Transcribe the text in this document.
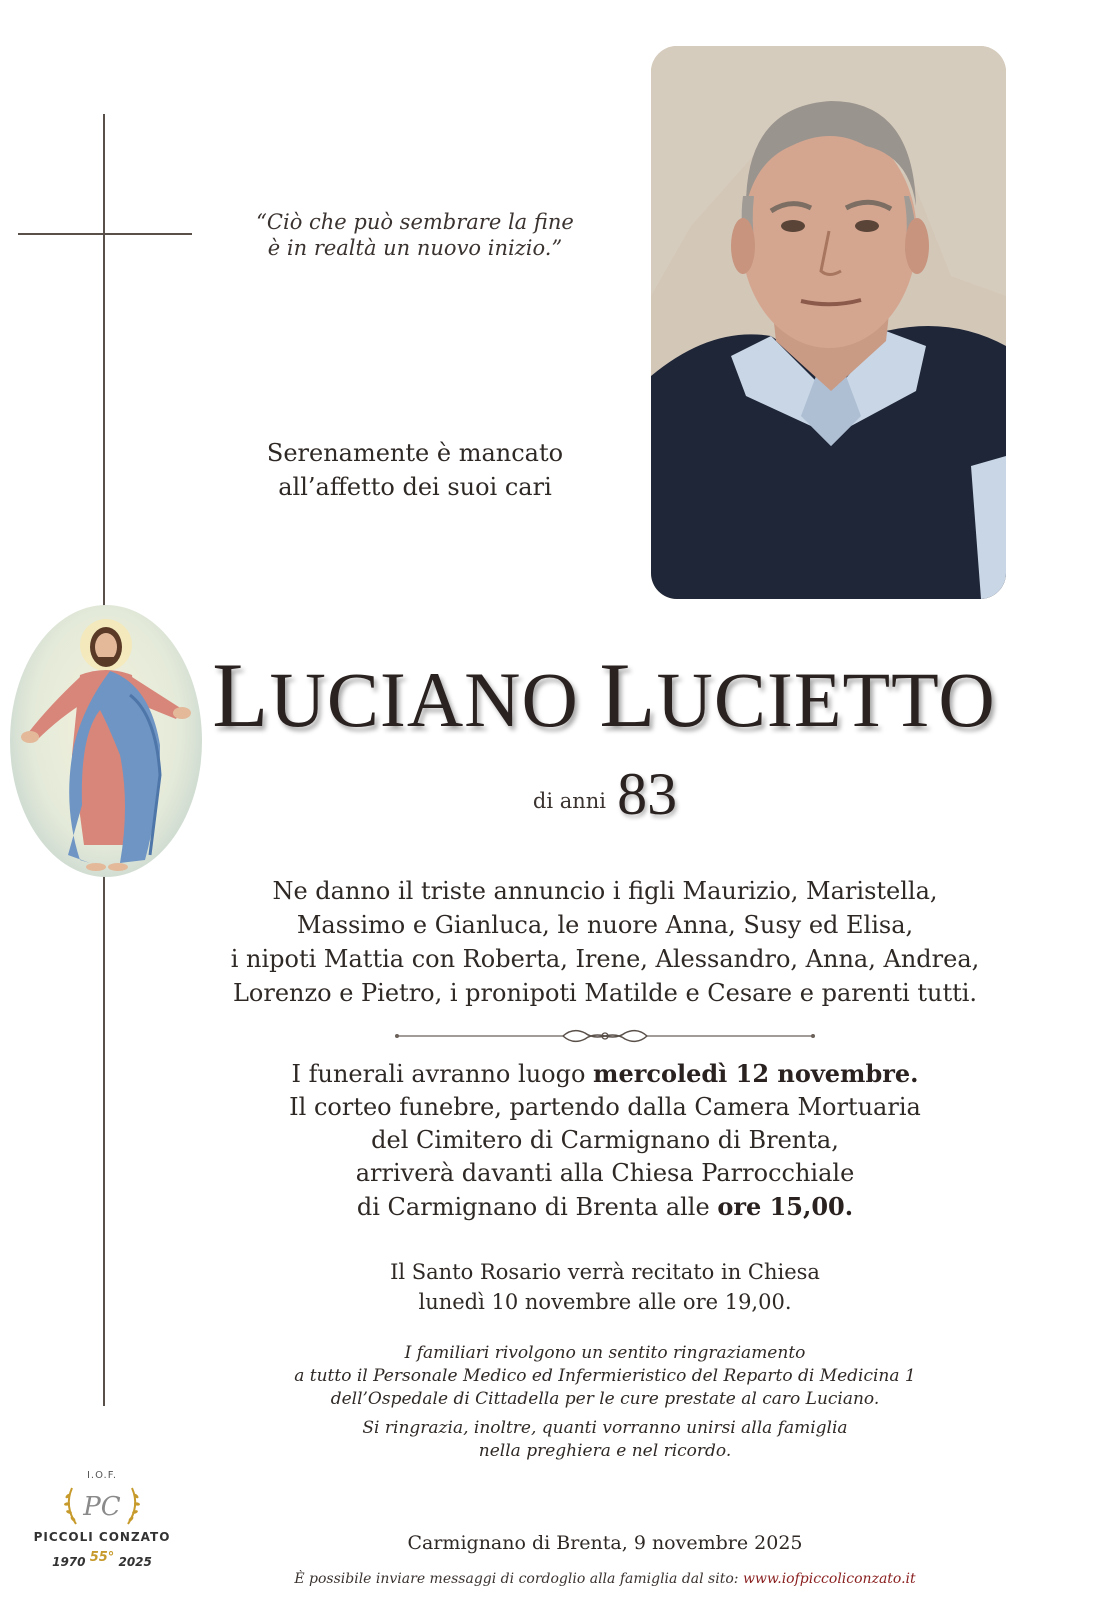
“Ciò che può sembrare la fine
è in realtà un nuovo inizio.”
Serenamente è mancato
all’affetto dei suoi cari
LUCIANO LUCIETTO
di anni 83
Ne danno il triste annuncio i figli Maurizio, Maristella,
Massimo e Gianluca, le nuore Anna, Susy ed Elisa,
i nipoti Mattia con Roberta, Irene, Alessandro, Anna, Andrea,
Lorenzo e Pietro, i pronipoti Matilde e Cesare e parenti tutti.
I funerali avranno luogo mercoledì 12 novembre.
Il corteo funebre, partendo dalla Camera Mortuaria
del Cimitero di Carmignano di Brenta,
arriverà davanti alla Chiesa Parrocchiale
di Carmignano di Brenta alle ore 15,00.
Il Santo Rosario verrà recitato in Chiesa
lunedì 10 novembre alle ore 19,00.
I familiari rivolgono un sentito ringraziamento
a tutto il Personale Medico ed Infermieristico del Reparto di Medicina 1
dell’Ospedale di Cittadella per le cure prestate al caro Luciano.
Si ringrazia, inoltre, quanti vorranno unirsi alla famiglia
nella preghiera e nel ricordo.
I.O.F.
PC
PICCOLI CONZATO
1970 55° 2025
Carmignano di Brenta, 9 novembre 2025
È possibile inviare messaggi di cordoglio alla famiglia dal sito: www.iofpiccoliconzato.it
